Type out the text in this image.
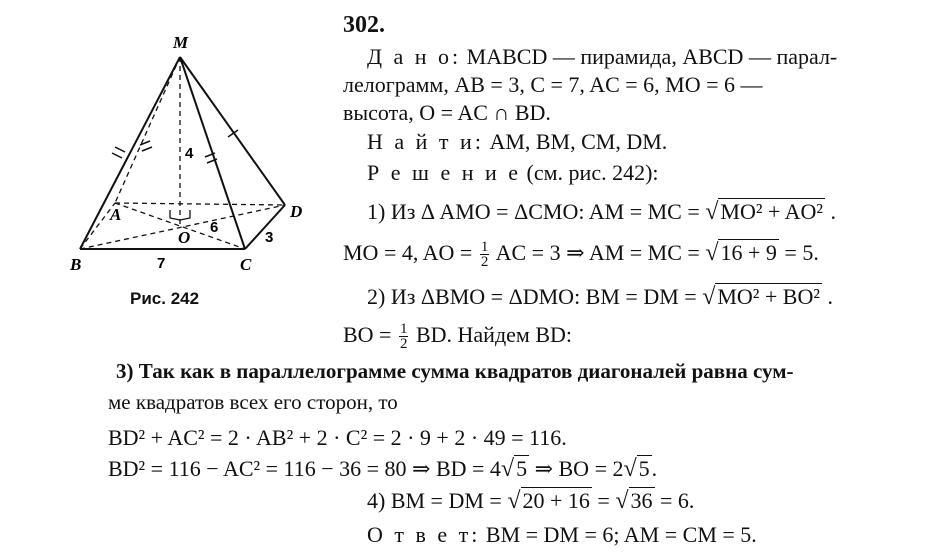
M
A
B	C
D
O
4
6
7
3
Рис. 242
302.
Д а н о: MABCD — пирамида, ABCD — парал-
лелограмм, AB = 3, C = 7, AC = 6, MO = 6 —
высота, O = AC ∩ BD.
Н а й т и: AM, BM, CM, DM.
Р е ш е н и е (см. рис. 242):
1) Из Δ AMO = ΔCMO: AM = MC = √MO² + AO² .
MO = 4, AO = $\frac{1}{2}$ AC = 3 ⇒ AM = MC = √16 + 9 = 5.
2) Из ΔBMO = ΔDMO: BM = DM = √MO² + BO² .
BO = $\frac{1}{2}$ BD. Найдем BD:
3) Так как в параллелограмме сумма квадратов диагоналей равна сум-
ме квадратов всех его сторон, то
BD² + AC² = 2 · AB² + 2 · C² = 2 · 9 + 2 · 49 = 116.
BD² = 116 − AC² = 116 − 36 = 80 ⇒ BD = 4√5 ⇒ BO = 2√5.
4) BM = DM = √20 + 16 = √36 = 6.
О т в е т: BM = DM = 6; AM = CM = 5.
